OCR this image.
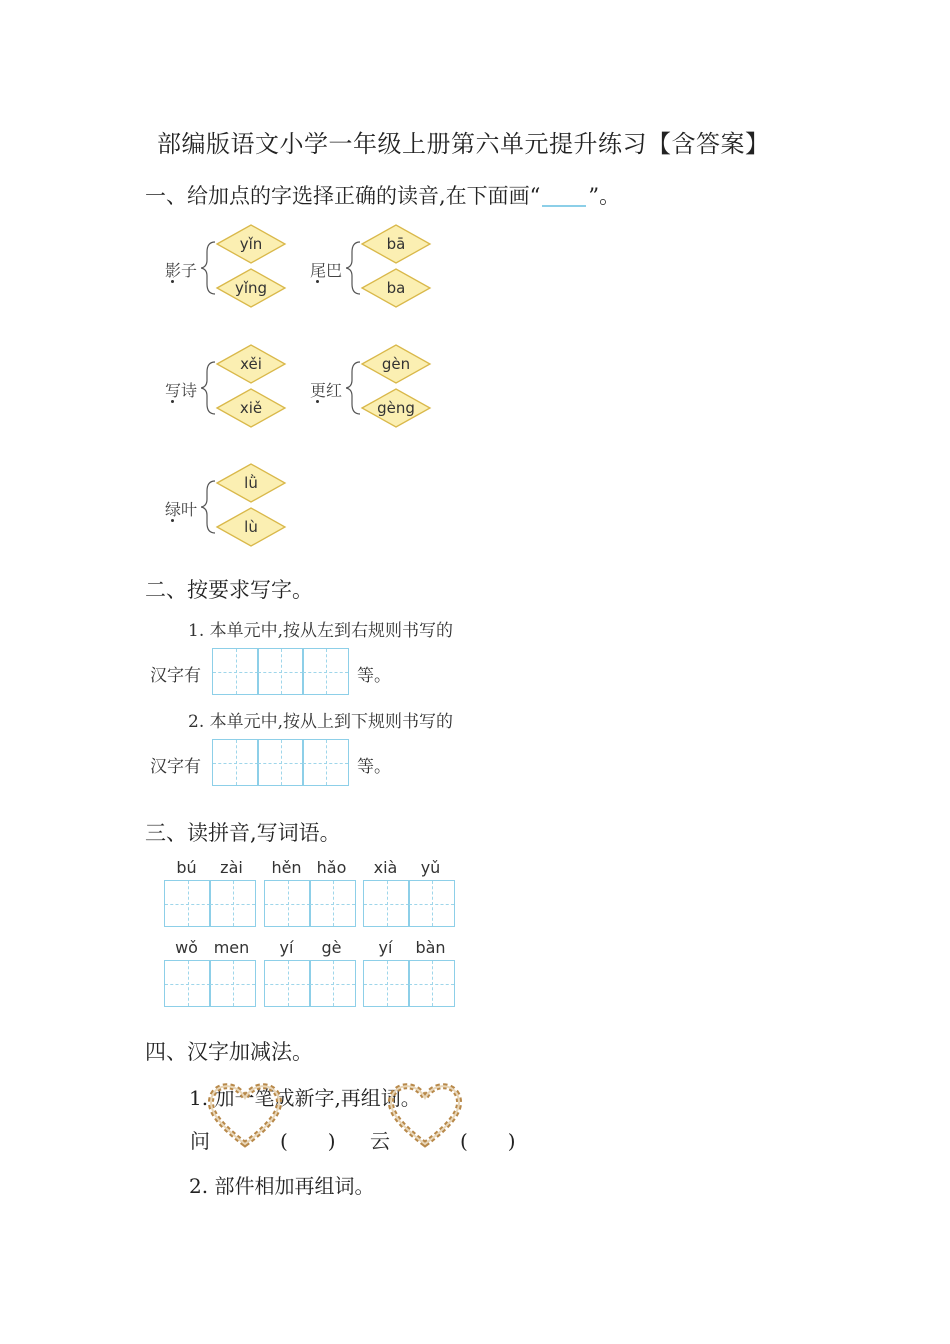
部编版语文小学一年级上册第六单元提升练习【含答案】
一、给加点的字选择正确的读音,在下面画“ ”。
影子
yǐn
yǐng
尾巴
bā
ba
写诗
xěi
xiě
更红
gèn
gèng
绿叶
lǜ
lù
二、按要求写字。
1. 本单元中,按从左到右规则书写的
汉字有	等。
2. 本单元中,按从上到下规则书写的
汉字有	等。
三、读拼音,写词语。
bú	zài	hěn hǎo	xià	yǔ
wǒ men	yí	gè	yí	bàn
四、汉字加减法。
1. 加一笔成新字,再组词。
问	(　　) 云	(　　)
2. 部件相加再组词。
